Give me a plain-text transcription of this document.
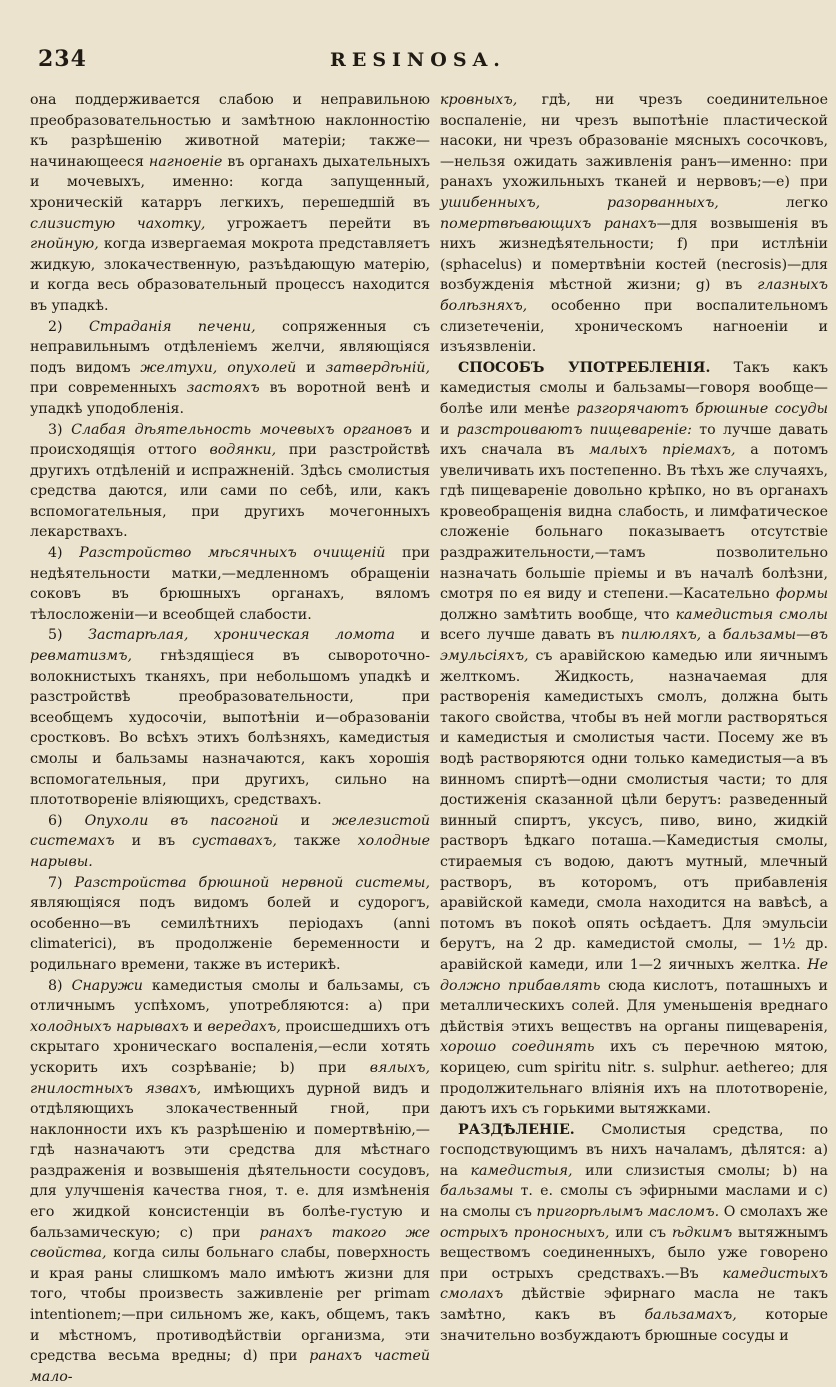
234	RESINOSA.

она поддерживается слабою и неправильною преобразовательностью и замѣтною наклонностію къ разрѣшенію животной матеріи; также—начинающееся нагноеніе въ органахъ дыхательныхъ и мочевыхъ, именно: когда запущенный, хроническій катарръ легкихъ, перешедшій въ слизистую чахотку, угрожаетъ перейти въ гнойную, когда извергаемая мокрота представляетъ жидкую, злокачественную, разъѣдающую матерію, и когда весь образовательный процессъ находится въ упадкѣ.

2) Страданія печени, сопряженныя съ неправильнымъ отдѣленіемъ желчи, являющіяся подъ видомъ желтухи, опухолей и затвердѣній, при современныхъ застояхъ въ воротной венѣ и упадкѣ уподобленія.

3) Слабая дѣятельность мочевыхъ органовъ и происходящія оттого водянки, при разстройствѣ другихъ отдѣленій и испражненій. Здѣсь смолистыя средства даются, или сами по себѣ, или, какъ вспомогательныя, при другихъ мочегонныхъ лекарствахъ.

4) Разстройство мѣсячныхъ очищеній при недѣятельности матки,—медленномъ обращеніи соковъ въ брюшныхъ органахъ, вяломъ тѣлосложеніи—и всеобщей слабости.

5) Застарѣлая, хроническая ломота и ревматизмъ, гнѣздящіеся въ сывороточно-волокнистыхъ тканяхъ, при небольшомъ упадкѣ и разстройствѣ преобразовательности, при всеобщемъ худосочіи, выпотѣніи и—образованіи сростковъ. Во всѣхъ этихъ болѣзняхъ, камедистыя смолы и бальзамы назначаются, какъ хорошія вспомогательныя, при другихъ, сильно на плототвореніе вліяющихъ, средствахъ.

6) Опухоли въ пасогной и железистой системахъ и въ суставахъ, также холодные нарывы.

7) Разстройства брюшной нервной системы, являющіяся подъ видомъ болей и судорогъ, особенно—въ семилѣтнихъ періодахъ (anni climaterici), въ продолженіе беременности и родильнаго времени, также въ истерикѣ.

8) Снаружи камедистыя смолы и бальзамы, съ отличнымъ успѣхомъ, употребляются: а) при холодныхъ нарывахъ и вередахъ, происшедшихъ отъ скрытаго хроническаго воспаленія,—если хотять ускорить ихъ созрѣваніе; b) при вялыхъ, гнилостныхъ язвахъ, имѣющихъ дурной видъ и отдѣляющихъ злокачественный гной, при наклонности ихъ къ разрѣшенію и помертвѣнію,—гдѣ назначаютъ эти средства для мѣстнаго раздраженія и возвышенія дѣятельности сосудовъ, для улучшенія качества гноя, т. е. для измѣненія его жидкой консистенціи въ болѣе-густую и бальзамическую; c) при ранахъ такого же свойства, когда силы больнаго слабы, поверхность и края раны слишкомъ мало имѣютъ жизни для того, чтобы произвесть заживленіе per primam intentionem;—при сильномъ же, какъ, общемъ, такъ и мѣстномъ, противодѣйствіи организма, эти средства весьма вредны; d) при ранахъ частей мало-

кровныхъ, гдѣ, ни чрезъ соединительное воспаленіе, ни чрезъ выпотѣніе пластической насоки, ни чрезъ образованіе мясныхъ сосочковъ,—нельзя ожидать заживленія ранъ—именно: при ранахъ ухожильныхъ тканей и нервовъ;—е) при ушибенныхъ, разорванныхъ, легко помертвѣвающихъ ранахъ—для возвышенія въ нихъ жизнедѣятельности; f) при истлѣніи (sphacelus) и помертвѣніи костей (necrosis)—для возбужденія мѣстной жизни; g) въ глазныхъ болѣзняхъ, особенно при воспалительномъ слизетеченіи, хроническомъ нагноеніи и изъязвленіи.

СПОСОБЪ УПОТРЕБЛЕНІЯ. Такъ какъ камедистыя смолы и бальзамы—говоря вообще—болѣе или менѣе разгорячаютъ брюшные сосуды и разстроиваютъ пищевареніе: то лучше давать ихъ сначала въ малыхъ пріемахъ, а потомъ увеличивать ихъ постепенно. Въ тѣхъ же случаяхъ, гдѣ пищевареніе довольно крѣпко, но въ органахъ кровеобращенія видна слабость, и лимфатическое сложеніе больнаго показываетъ отсутствіе раздражительности,—тамъ позволительно назначать большіе пріемы и въ началѣ болѣзни, смотря по ея виду и степени.—Касательно формы должно замѣтить вообще, что камедистыя смолы всего лучше давать въ пилюляхъ, а бальзамы—въ эмульсіяхъ, съ аравійскою камедью или яичнымъ желткомъ. Жидкость, назначаемая для растворенія камедистыхъ смолъ, должна быть такого свойства, чтобы въ ней могли растворяться и камедистыя и смолистыя части. Посему же въ водѣ растворяются одни только камедистыя—а въ винномъ спиртѣ—одни смолистыя части; то для достиженія сказанной цѣли берутъ: разведенный винный спиртъ, уксусъ, пиво, вино, жидкій растворъ ѣдкаго поташа.—Камедистыя смолы, стираемыя съ водою, даютъ мутный, млечный растворъ, въ которомъ, отъ прибавленія аравійской камеди, смола находится на вавѣсѣ, а потомъ въ покоѣ опять осѣдаетъ. Для эмульсіи берутъ, на 2 др. камедистой смолы, — 1½ др. аравійской камеди, или 1—2 яичныхъ желтка. Не должно прибавлять сюда кислотъ, поташныхъ и металлическихъ солей. Для уменьшенія вреднаго дѣйствія этихъ веществъ на органы пищеваренія, хорошо соединять ихъ съ перечною мятою, корицею, cum spiritu nitr. s. sulphur. aethereo; для продолжительнаго вліянія ихъ на плототвореніе, даютъ ихъ съ горькими вытяжками.

РАЗДѢЛЕНІЕ. Смолистыя средства, по господствующимъ въ нихъ началамъ, дѣлятся: а) на камедистыя, или слизистыя смолы; b) на бальзамы т. е. смолы съ эфирными маслами и c) на смолы съ пригорѣлымъ масломъ. О смолахъ же острыхъ проносныхъ, или съ ѣдкимъ вытяжнымъ веществомъ соединенныхъ, было уже говорено при острыхъ средствахъ.—Въ камедистыхъ смолахъ дѣйствіе эфирнаго масла не такъ замѣтно, какъ въ бальзамахъ, которые значительно возбуждаютъ брюшные сосуды и
